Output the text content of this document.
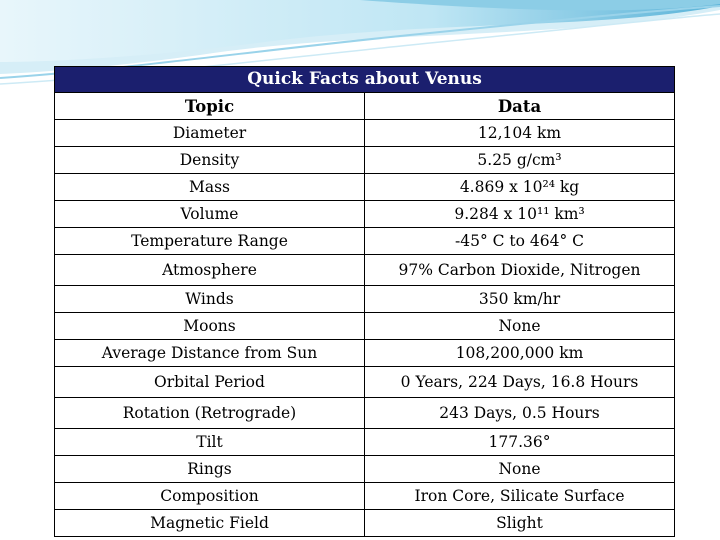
Quick Facts about Venus	
Topic	Data
Diameter	12,104 km
Density	5.25 g/cm³
Mass	4.869 x 10²⁴ kg
Volume	9.284 x 10¹¹ km³
Temperature Range	-45° C to 464° C
Atmosphere	97% Carbon Dioxide, Nitrogen
Winds	350 km/hr
Moons	None
Average Distance from Sun	108,200,000 km
Orbital Period	0 Years, 224 Days, 16.8 Hours
Rotation (Retrograde)	243 Days, 0.5 Hours
Tilt	177.36°
Rings	None
Composition	Iron Core, Silicate Surface
Magnetic Field	Slight
